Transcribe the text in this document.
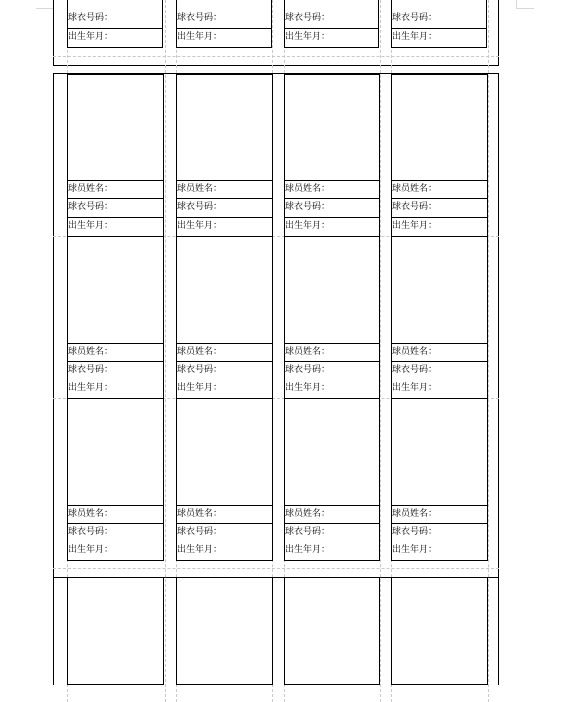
球衣号码：
出生年月：
球衣号码：
出生年月：
球衣号码：
出生年月：
球衣号码：
出生年月：
球员姓名：
球衣号码：
出生年月：
球员姓名：
球衣号码：
出生年月：
球员姓名：
球衣号码：
出生年月：
球员姓名：
球衣号码：
出生年月：
球员姓名：
球衣号码：
出生年月：
球员姓名：
球衣号码：
出生年月：
球员姓名：
球衣号码：
出生年月：
球员姓名：
球衣号码：
出生年月：
球员姓名：
球衣号码：
出生年月：
球员姓名：
球衣号码：
出生年月：
球员姓名：
球衣号码：
出生年月：
球员姓名：
球衣号码：
出生年月：
